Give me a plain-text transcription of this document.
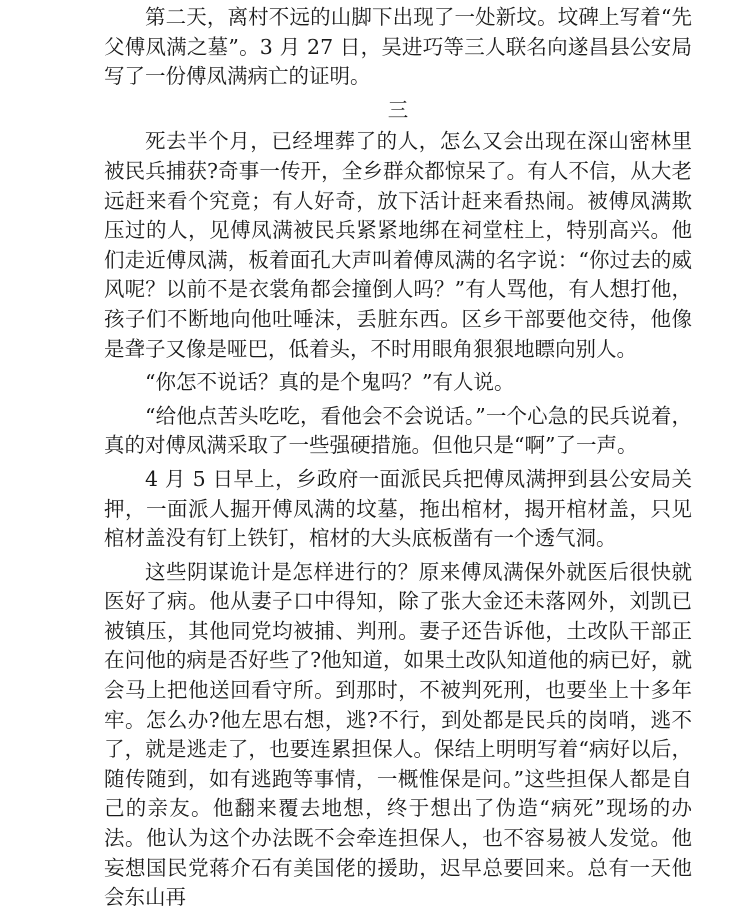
第二天，离村不远的山脚下出现了一处新坟。坟碑上写着“先父傅凤满之墓”。3 月 27 日，吴进巧等三人联名向遂昌县公安局写了一份傅凤满病亡的证明。

三

死去半个月，已经埋葬了的人，怎么又会出现在深山密林里被民兵捕获?奇事一传开，全乡群众都惊呆了。有人不信，从大老远赶来看个究竟；有人好奇，放下活计赶来看热闹。被傅凤满欺压过的人，见傅凤满被民兵紧紧地绑在祠堂柱上，特别高兴。他们走近傅凤满，板着面孔大声叫着傅凤满的名字说：“你过去的威风呢？以前不是衣裳角都会撞倒人吗？”有人骂他，有人想打他，孩子们不断地向他吐唾沫，丢脏东西。区乡干部要他交待，他像是聋子又像是哑巴，低着头，不时用眼角狠狠地瞟向别人。

“你怎不说话？真的是个鬼吗？”有人说。

“给他点苦头吃吃，看他会不会说话。”一个心急的民兵说着，真的对傅凤满采取了一些强硬措施。但他只是“啊”了一声。

4 月 5 日早上，乡政府一面派民兵把傅凤满押到县公安局关押，一面派人掘开傅凤满的坟墓，拖出棺材，揭开棺材盖，只见棺材盖没有钉上铁钉，棺材的大头底板凿有一个透气洞。

这些阴谋诡计是怎样进行的？原来傅凤满保外就医后很快就医好了病。他从妻子口中得知，除了张大金还未落网外，刘凯已被镇压，其他同党均被捕、判刑。妻子还告诉他，土改队干部正在问他的病是否好些了?他知道，如果土改队知道他的病已好，就会马上把他送回看守所。到那时，不被判死刑，也要坐上十多年牢。怎么办?他左思右想，逃?不行，到处都是民兵的岗哨，逃不了，就是逃走了，也要连累担保人。保结上明明写着“病好以后，随传随到，如有逃跑等事情，一概惟保是问。”这些担保人都是自己的亲友。他翻来覆去地想，终于想出了伪造“病死”现场的办法。他认为这个办法既不会牵连担保人，也不容易被人发觉。他妄想国民党蒋介石有美国佬的援助，迟早总要回来。总有一天他会东山再
